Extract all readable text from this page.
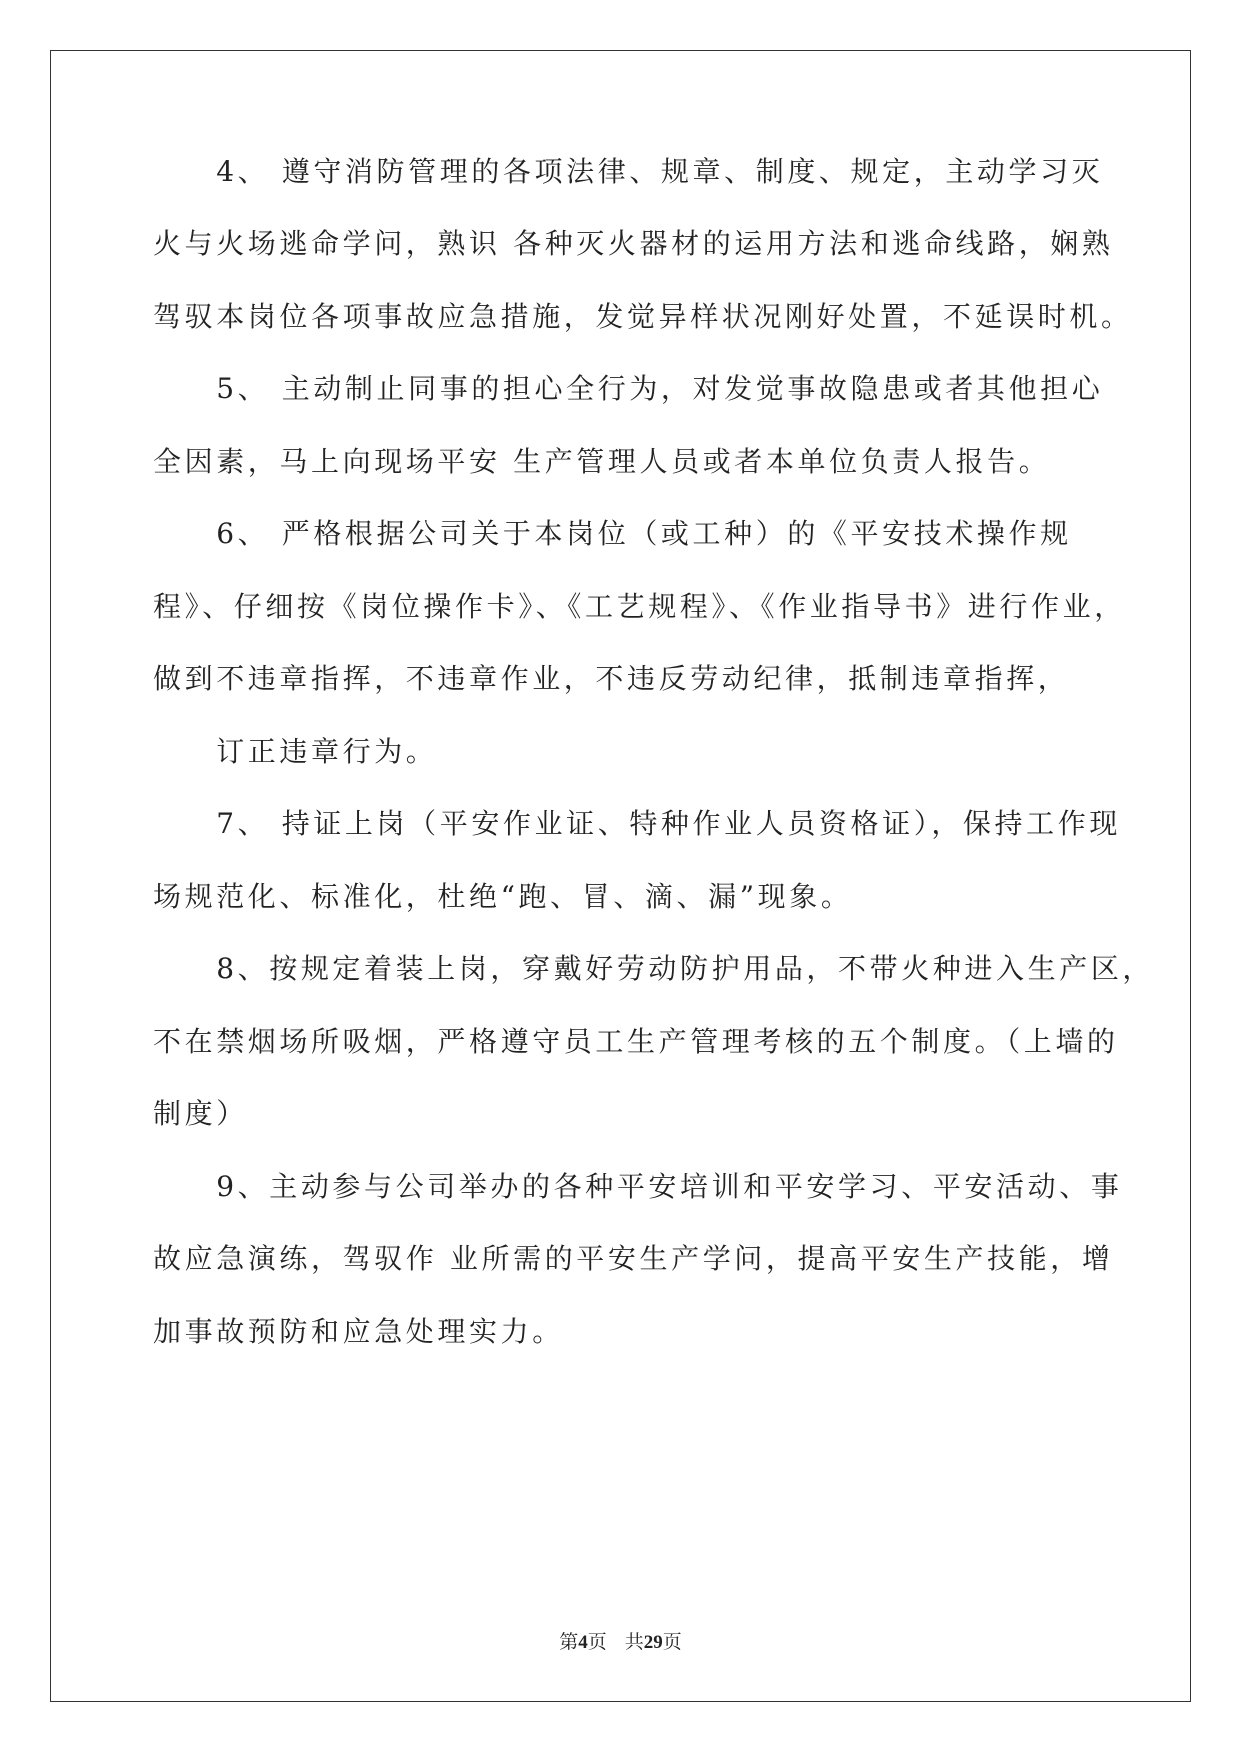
　　4、 遵守消防管理的各项法律、规章、制度、规定，主动学习灭
火与火场逃命学问，熟识 各种灭火器材的运用方法和逃命线路，娴熟
驾驭本岗位各项事故应急措施，发觉异样状况刚好处置，不延误时机。
　　5、 主动制止同事的担心全行为，对发觉事故隐患或者其他担心
全因素，马上向现场平安 生产管理人员或者本单位负责人报告。
　　6、 严格根据公司关于本岗位（或工种）的《平安技术操作规
程》、仔细按《岗位操作卡》、《工艺规程》、《作业指导书》进行作业，
做到不违章指挥，不违章作业，不违反劳动纪律，抵制违章指挥，
　　订正违章行为。
　　7、 持证上岗（平安作业证、特种作业人员资格证），保持工作现
场规范化、标准化，杜绝“跑、冒、滴、漏”现象。
　　8、按规定着装上岗，穿戴好劳动防护用品，不带火种进入生产区，
不在禁烟场所吸烟，严格遵守员工生产管理考核的五个制度。（上墙的
制度）
　　9、主动参与公司举办的各种平安培训和平安学习、平安活动、事
故应急演练，驾驭作 业所需的平安生产学问，提高平安生产技能，增
加事故预防和应急处理实力。
第4页 共29页
